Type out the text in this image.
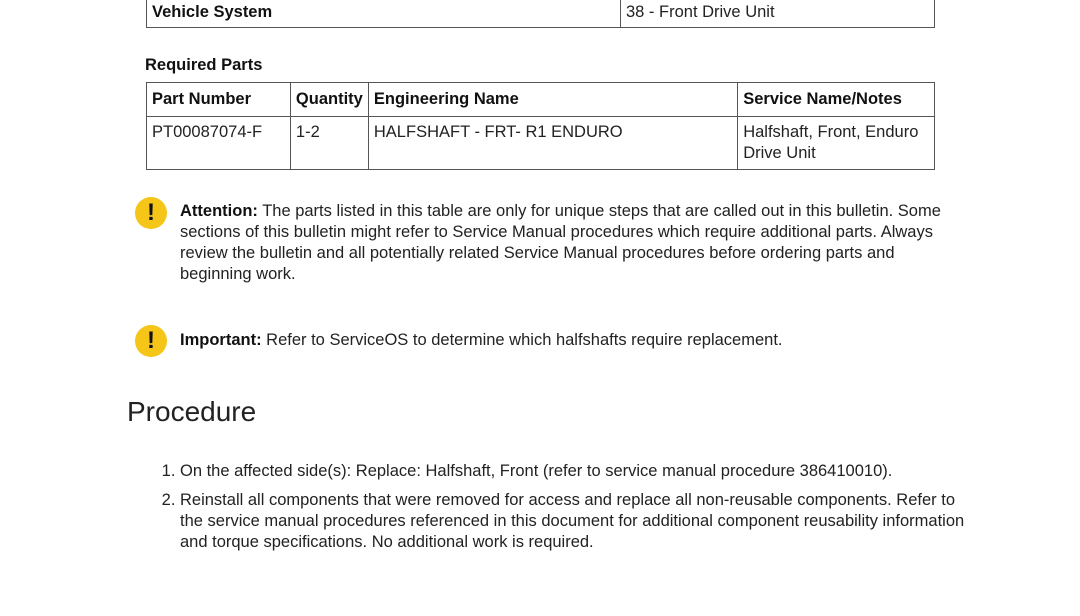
Vehicle System	38 - Front Drive Unit
Required Parts
Part Number	Quantity	Engineering Name	Service Name/Notes
PT00087074-F	1-2	HALFSHAFT - FRT- R1 ENDURO	Halfshaft, Front, Enduro Drive Unit
!	Attention: The parts listed in this table are only for unique steps that are called out in this bulletin. Some sections of this bulletin might refer to Service Manual procedures which require additional parts. Always review the bulletin and all potentially related Service Manual procedures before ordering parts and beginning work.
!	Important: Refer to ServiceOS to determine which halfshafts require replacement.
Procedure
1. On the affected side(s): Replace: Halfshaft, Front (refer to service manual procedure 386410010).
2. Reinstall all components that were removed for access and replace all non-reusable components. Refer to the service manual procedures referenced in this document for additional component reusability information and torque specifications. No additional work is required.
